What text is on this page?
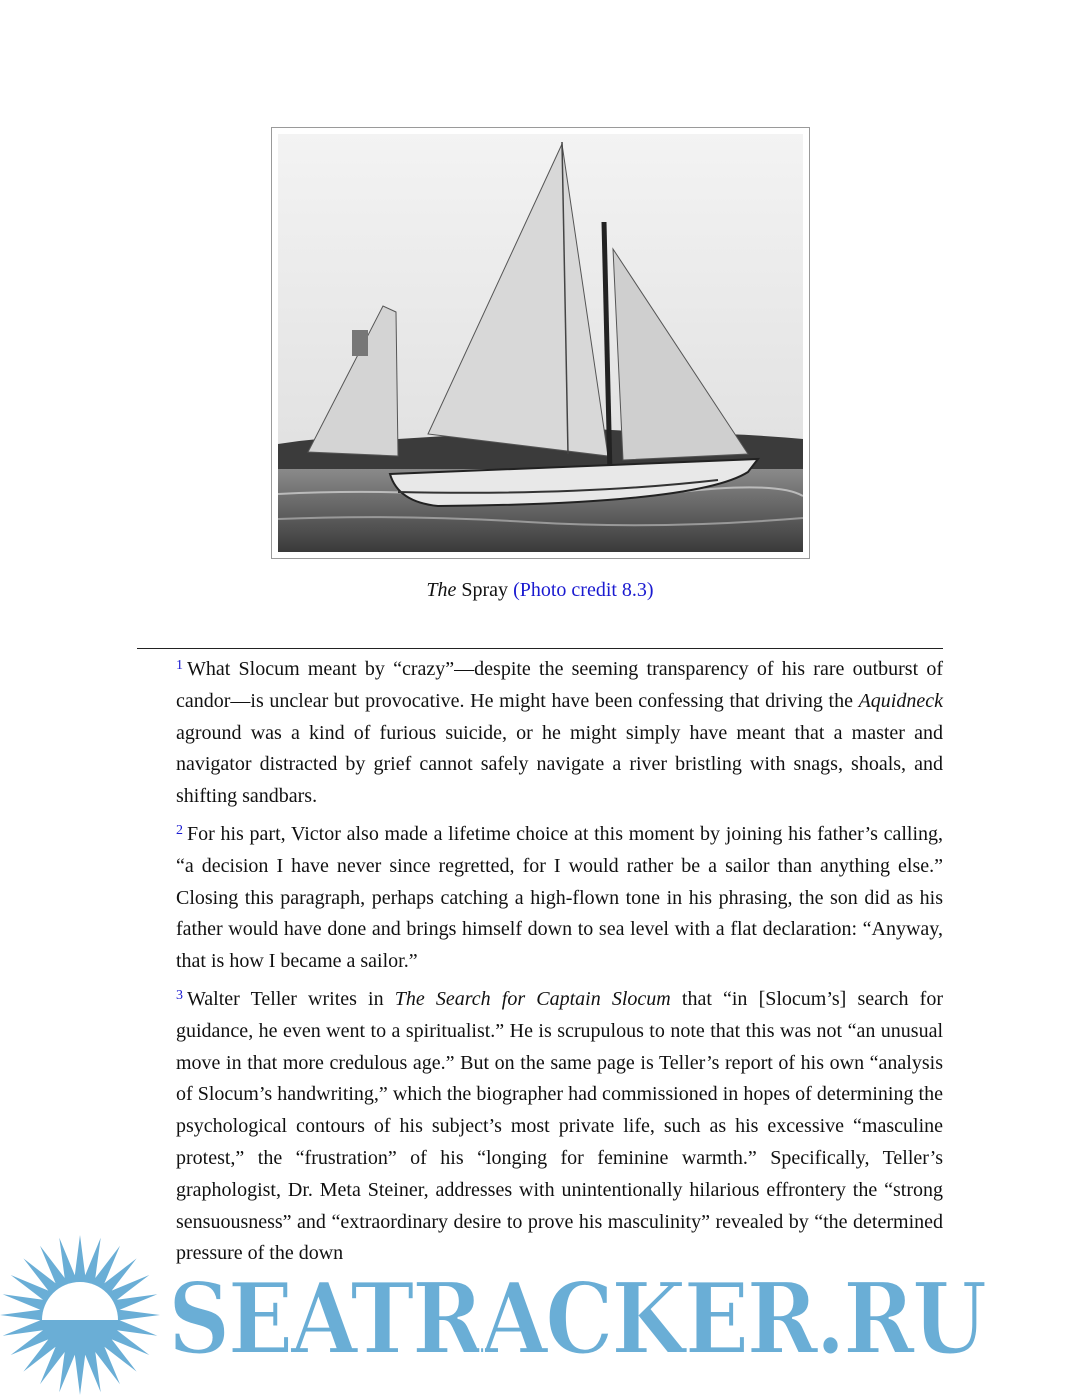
The Spray (Photo credit 8.3)

$^1$ What Slocum meant by “crazy”—despite the seeming transparency of his rare outburst of candor—is unclear but provocative. He might have been confessing that driving the Aquidneck aground was a kind of furious suicide, or he might simply have meant that a master and navigator distracted by grief cannot safely navigate a river bristling with snags, shoals, and shifting sandbars.

$^2$ For his part, Victor also made a lifetime choice at this moment by joining his father’s calling, “a decision I have never since regretted, for I would rather be a sailor than anything else.” Closing this paragraph, perhaps catching a high-flown tone in his phrasing, the son did as his father would have done and brings himself down to sea level with a flat declaration: “Anyway, that is how I became a sailor.”

$^3$ Walter Teller writes in The Search for Captain Slocum that “in [Slocum’s] search for guidance, he even went to a spiritualist.” He is scrupulous to note that this was not “an unusual move in that more credulous age.” But on the same page is Teller’s report of his own “analysis of Slocum’s handwriting,” which the biographer had commissioned in hopes of determining the psychological contours of his subject’s most private life, such as his excessive “masculine protest,” the “frustration” of his “longing for feminine warmth.” Specifically, Teller’s graphologist, Dr. Meta Steiner, addresses with unintentionally hilarious effrontery the “strong sensuousness” and “extraordinary desire to prove his masculinity” revealed by “the determined pressure of the down

SEATRACKER.RU
